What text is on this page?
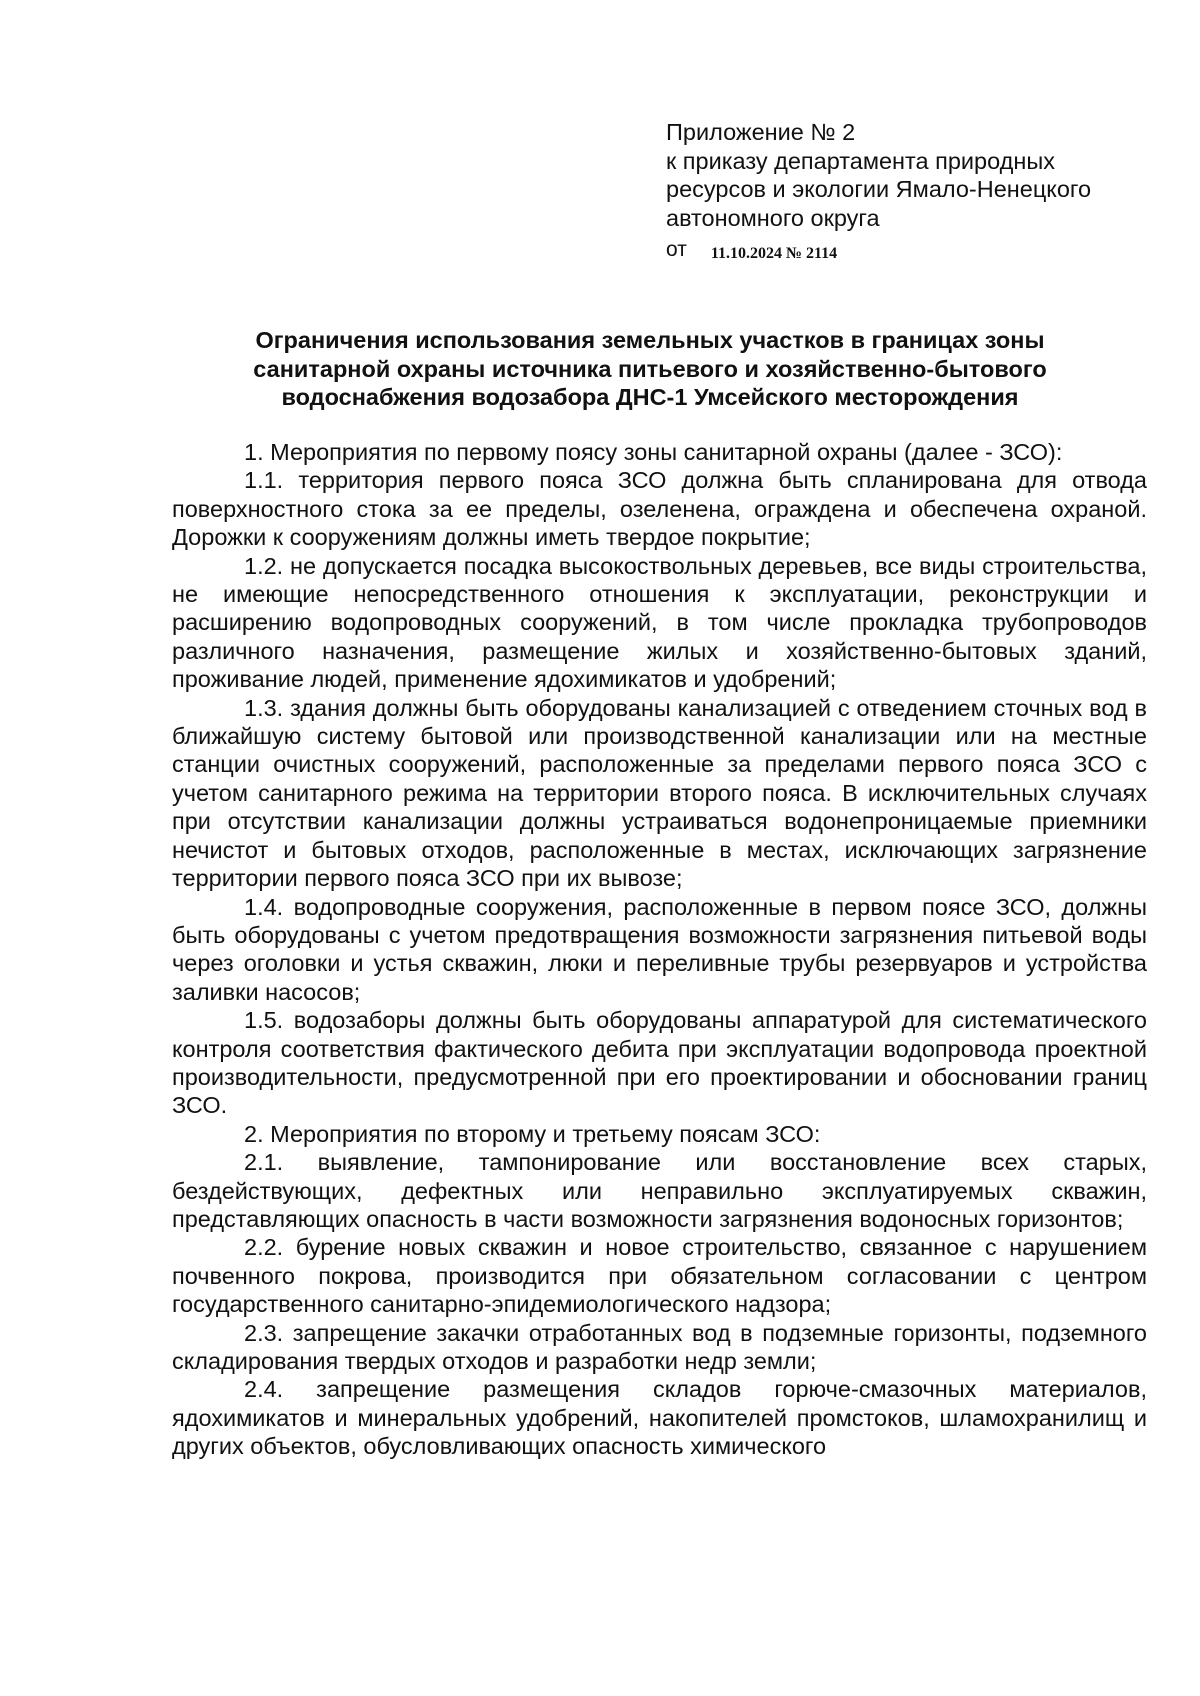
Приложение № 2
к приказу департамента природных
ресурсов и экологии Ямало-Ненецкого
автономного округа
от 11.10.2024 № 2114
Ограничения использования земельных участков в границах зоны
санитарной охраны источника питьевого и хозяйственно-бытового
водоснабжения водозабора ДНС-1 Умсейского месторождения

1. Мероприятия по первому поясу зоны санитарной охраны (далее - ЗСО):

1.1. территория первого пояса ЗСО должна быть спланирована для отвода поверхностного стока за ее пределы, озеленена, ограждена и обеспечена охраной. Дорожки к сооружениям должны иметь твердое покрытие;

1.2. не допускается посадка высокоствольных деревьев, все виды строительства, не имеющие непосредственного отношения к эксплуатации, реконструкции и расширению водопроводных сооружений, в том числе прокладка трубопроводов различного назначения, размещение жилых и хозяйственно-бытовых зданий, проживание людей, применение ядохимикатов и удобрений;

1.3. здания должны быть оборудованы канализацией с отведением сточных вод в ближайшую систему бытовой или производственной канализации или на местные станции очистных сооружений, расположенные за пределами первого пояса ЗСО с учетом санитарного режима на территории второго пояса. В исключительных случаях при отсутствии канализации должны устраиваться водонепроницаемые приемники нечистот и бытовых отходов, расположенные в местах, исключающих загрязнение территории первого пояса ЗСО при их вывозе;

1.4. водопроводные сооружения, расположенные в первом поясе ЗСО, должны быть оборудованы с учетом предотвращения возможности загрязнения питьевой воды через оголовки и устья скважин, люки и переливные трубы резервуаров и устройства заливки насосов;

1.5. водозаборы должны быть оборудованы аппаратурой для систематического контроля соответствия фактического дебита при эксплуатации водопровода проектной производительности, предусмотренной при его проектировании и обосновании границ ЗСО.

2. Мероприятия по второму и третьему поясам ЗСО:

2.1. выявление, тампонирование или восстановление всех старых, бездействующих, дефектных или неправильно эксплуатируемых скважин, представляющих опасность в части возможности загрязнения водоносных горизонтов;

2.2. бурение новых скважин и новое строительство, связанное с нарушением почвенного покрова, производится при обязательном согласовании с центром государственного санитарно-эпидемиологического надзора;

2.3. запрещение закачки отработанных вод в подземные горизонты, подземного складирования твердых отходов и разработки недр земли;

2.4. запрещение размещения складов горюче-смазочных материалов, ядохимикатов и минеральных удобрений, накопителей промстоков, шламохранилищ и других объектов, обусловливающих опасность химического
